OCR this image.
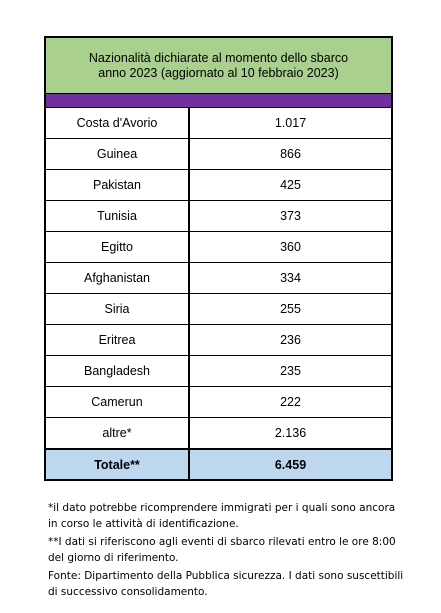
Nazionalità dichiarate al momento dello sbarco
anno 2023 (aggiornato al 10 febbraio 2023)
Costa d'Avorio	1.017
Guinea	866
Pakistan	425
Tunisia	373
Egitto	360
Afghanistan	334
Siria	255
Eritrea	236
Bangladesh	235
Camerun	222
altre*	2.136
Totale**	6.459

*il dato potrebbe ricomprendere immigrati per i quali sono ancora in corso le attività di identificazione.

**I dati si riferiscono agli eventi di sbarco rilevati entro le ore 8:00 del giorno di riferimento.

Fonte: Dipartimento della Pubblica sicurezza. I dati sono suscettibili di successivo consolidamento.
